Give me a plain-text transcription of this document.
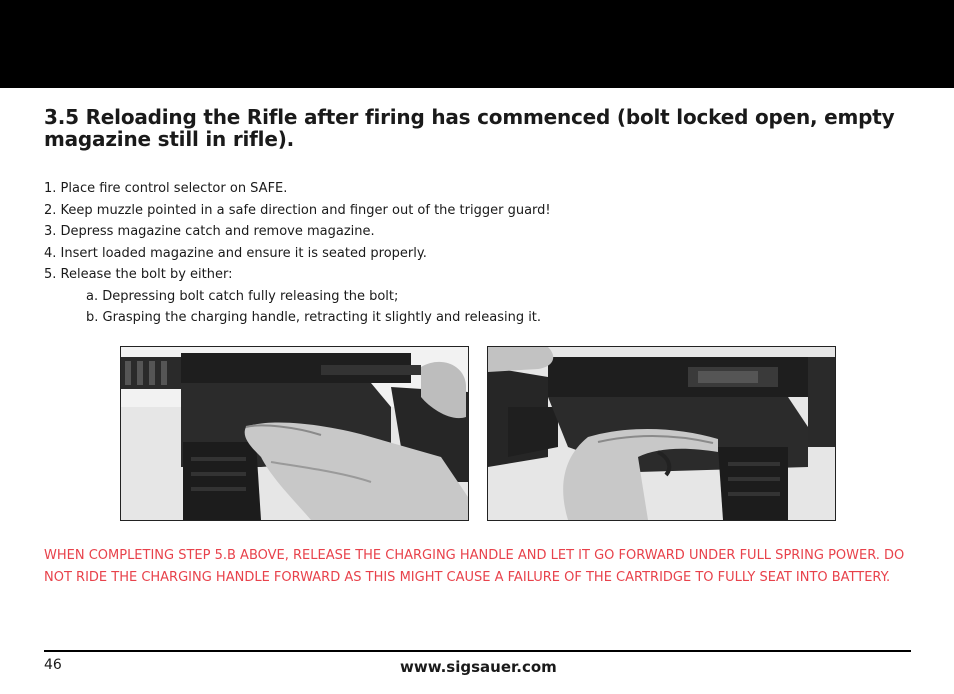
3.5 Reloading the Rifle after firing has commenced (bolt locked open, empty magazine still in rifle).
1. Place fire control selector on SAFE.
2. Keep muzzle pointed in a safe direction and finger out of the trigger guard!
3. Depress magazine catch and remove magazine.
4. Insert loaded magazine and ensure it is seated properly.
5. Release the bolt by either:
a. Depressing bolt catch fully releasing the bolt;
b. Grasping the charging handle, retracting it slightly and releasing it.
WHEN COMPLETING STEP 5.B ABOVE, RELEASE THE CHARGING HANDLE AND LET IT GO FORWARD UNDER FULL SPRING POWER. DO NOT RIDE THE CHARGING HANDLE FORWARD AS THIS MIGHT CAUSE A FAILURE OF THE CARTRIDGE TO FULLY SEAT INTO BATTERY.
46	www.sigsauer.com
